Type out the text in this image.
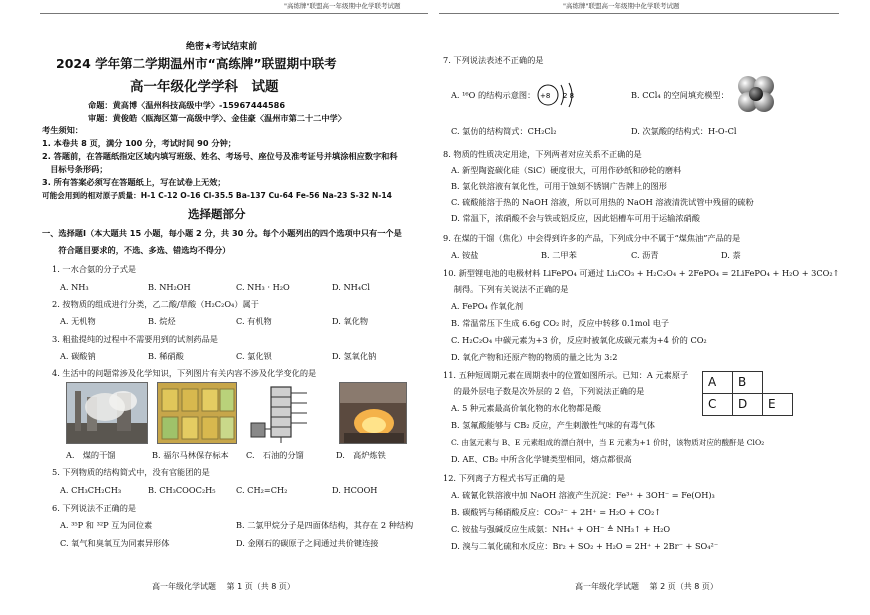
"高练牌"联盟高一年级期中化学联考试题
绝密★考试结束前
2024 学年第二学期温州市“高练牌”联盟期中联考
高一年级化学学科　试题
命题：黄高博〈温州科技高级中学〉-15967444586
审题：黄俊皓〈瓯海区第一高级中学〉、金佳豪〈温州市第二十二中学〉
考生须知：
1. 本卷共 8 页，满分 100 分，考试时间 90 分钟；
2. 答题前，在答题纸指定区域内填写班级、姓名、考场号、座位号及准考证号并填涂相应数字和科
　目标号条形码；
3. 所有答案必须写在答题纸上，写在试卷上无效；
可能会用到的相对原子质量：H-1 C-12 O-16 Cl-35.5 Ba-137 Cu-64 Fe-56 Na-23 S-32 N-14
选择题部分
一、选择题Ⅰ（本大题共 15 小题，每小题 2 分，共 30 分。每个小题列出的四个选项中只有一个是
　　符合题目要求的，不选、多选、错选均不得分）
1. 一水合氨的分子式是
A. NH₃	B. NH₂OH	C. NH₃ · H₂O	D. NH₄Cl
2. 按物质的组成进行分类，乙二酸/草酸（H₂C₂O₄）属于
A. 无机物	B. 烷烃	C. 有机物	D. 氧化物
3. 粗盐提纯的过程中不需要用到的试剂药品是
A. 碳酸钠	B. 稀硝酸	C. 氯化钡	D. 氢氧化钠
4. 生活中的问题常涉及化学知识，下列图片有关内容不涉及化学变化的是
A.　煤的干馏	B. 福尔马林保存标本 C.　石油的分馏	D.　高炉炼铁
5. 下列物质的结构简式中，没有官能团的是
A. CH₃CH₂CH₃	B. CH₃COOC₂H₅ C. CH₂=CH₂	D. HCOOH
6. 下列说法不正确的是
A. ³⁵P 和 ³²P 互为同位素	B. 二氯甲烷分子是四面体结构，其存在 2 种结构
C. 氧气和臭氧互为同素异形体	D. 金刚石的碳原子之间通过共价键连接
高一年级化学试题　 第 1 页（共 8 页）
"高练牌"联盟高一年级期中化学联考试题
7. 下列说法表述不正确的是
A. ¹⁶O 的结构示意图： +8 2 8	B. CCl₄ 的空间填充模型：
C. 氯仿的结构简式：CH₂Cl₂	D. 次氯酸的结构式：H-O-Cl
8. 物质的性质决定用途，下列两者对应关系不正确的是
A. 新型陶瓷碳化硅（SiC）硬度很大，可用作砂纸和砂轮的磨料
B. 氯化铁溶液有氧化性，可用于蚀刻不锈钢广告牌上的图形
C. 硫酸能溶于热的 NaOH 溶液，所以可用热的 NaOH 溶液清洗试管中残留的硫粉
D. 常温下，浓硝酸不会与铁或铝反应，因此铝槽车可用于运输浓硝酸
9. 在煤的干馏（焦化）中会得到许多的产品，下列成分中不属于“煤焦油”产品的是
A. 铵盐	B. 二甲苯	C. 沥青	D. 萘
10. 新型锂电池的电极材料 LiFePO₄ 可通过 Li₂CO₃ + H₂C₂O₄ + 2FePO₄ = 2LiFePO₄ + H₂O + 3CO₂↑
　 制得。下列有关说法不正确的是
A. FePO₄ 作氧化剂
B. 常温常压下生成 6.6g CO₂ 时，反应中转移 0.1mol 电子
C. H₂C₂O₄ 中碳元素为+3 价，反应时被氧化成碳元素为+4 价的 CO₂
D. 氧化产物和还原产物的物质的量之比为 3:2
11. 五种短周期元素在周期表中的位置如图所示。已知：A 元素原子
　 的最外层电子数是次外层的 2 倍，下列说法正确的是
A	B	
C	D	E
A. 5 种元素最高价氧化物的水化物都是酸
B. 氢氟酸能够与 CB₂ 反应，产生刺激性气味的有毒气体
C. 由氢元素与 B、E 元素组成的漂白剂中，当 E 元素为+1 价时，该物质对应的酸酐是 ClO₂
D. AE、CB₂ 中所含化学键类型相同，熔点都很高
12. 下列离子方程式书写正确的是
A. 硫氰化铁溶液中加 NaOH 溶液产生沉淀：Fe³⁺ + 3OH⁻ = Fe(OH)₃
B. 碳酸钙与稀硝酸反应：CO₃²⁻ + 2H⁺ = H₂O + CO₂↑
C. 铵盐与强碱反应生成氨：NH₄⁺ + OH⁻ ≜ NH₃↑ + H₂O
D. 溴与二氧化硫和水反应：Br₂ + SO₂ + H₂O = 2H⁺ + 2Br⁻ + SO₄²⁻
高一年级化学试题　 第 2 页（共 8 页）
